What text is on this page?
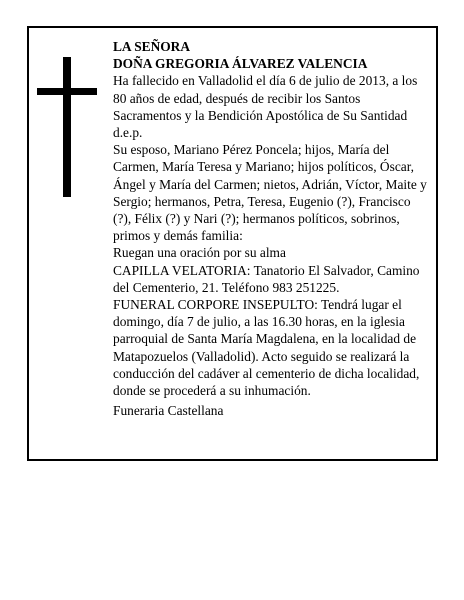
LA SEÑORA

DOÑA GREGORIA ÁLVAREZ VALENCIA

Ha fallecido en Valladolid el día 6 de julio de 2013, a los 80 años de edad, después de recibir los Santos Sacramentos y la Bendición Apostólica de Su Santidad d.e.p.

Su esposo, Mariano Pérez Poncela; hijos, María del Carmen, María Teresa y Mariano; hijos políticos, Óscar, Ángel y María del Carmen; nietos, Adrián, Víctor, Maite y Sergio; hermanos, Petra, Teresa, Eugenio (?), Francisco (?), Félix (?) y Nari (?); hermanos políticos, sobrinos, primos y demás familia:

Ruegan una oración por su alma

CAPILLA VELATORIA: Tanatorio El Salvador, Camino del Cementerio, 21. Teléfono 983 251225.

FUNERAL CORPORE INSEPULTO: Tendrá lugar el domingo, día 7 de julio, a las 16.30 horas, en la iglesia parroquial de Santa María Magdalena, en la localidad de Matapozuelos (Valladolid). Acto seguido se realizará la conducción del cadáver al cementerio de dicha localidad, donde se procederá a su inhumación.

Funeraria Castellana
